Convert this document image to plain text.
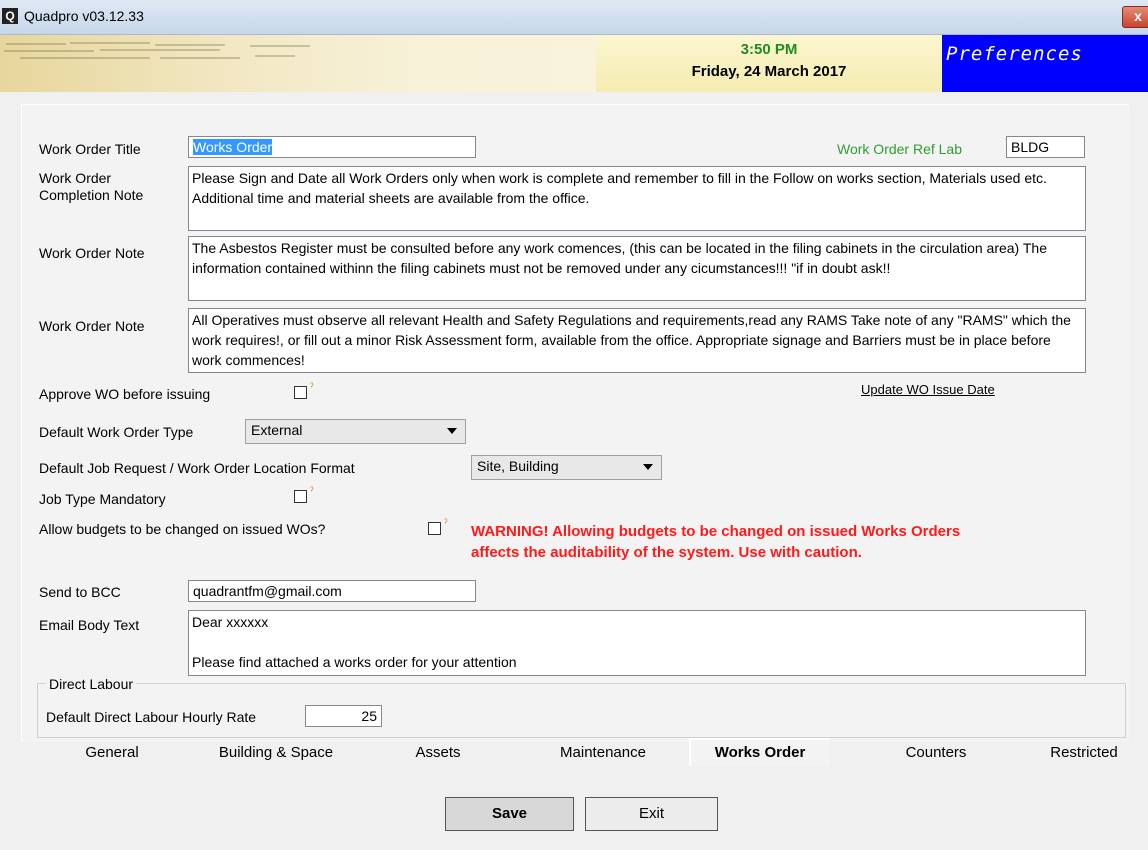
Q Quadpro v03.12.33	x
3:50 PM
Friday, 24 March 2017
Preferences
Work Order Title	Works Order	Work Order Ref Lab	BLDG
Work Order Completion Note
Please Sign and Date all Work Orders only when work is complete and remember to fill in the Follow on works section, Materials used etc.
Additional time and material sheets are available from the office.
Work Order Note	The Asbestos Register must be consulted before any work comences, (this can be located in the filing cabinets in the circulation area) The information contained withinn the filing cabinets must not be removed under any cicumstances!!! "if in doubt ask!!
Work Order Note	All Operatives must observe all relevant Health and Safety Regulations and requirements,read any RAMS Take note of any "RAMS" which the work requires!, or fill out a minor Risk Assessment form, available from the office. Appropriate signage and Barriers must be in place before work commences!
Approve WO before issuing	ˀ	Update WO Issue Date
Default Work Order Type	External
Default Job Request / Work Order Location Format	Site, Building
Job Type Mandatory	ˀ
Allow budgets to be changed on issued WOs?	ˀ WARNING! Allowing budgets to be changed on issued Works Orders
affects the auditability of the system. Use with caution.
Send to BCC	quadrantfm@gmail.com
Email Body Text	Dear xxxxxx

Please find attached a works order for your attention
Direct Labour
Default Direct Labour Hourly Rate	25
General	Building & Space	Assets	Maintenance	Works Order	Counters	Restricted
Save	Exit
